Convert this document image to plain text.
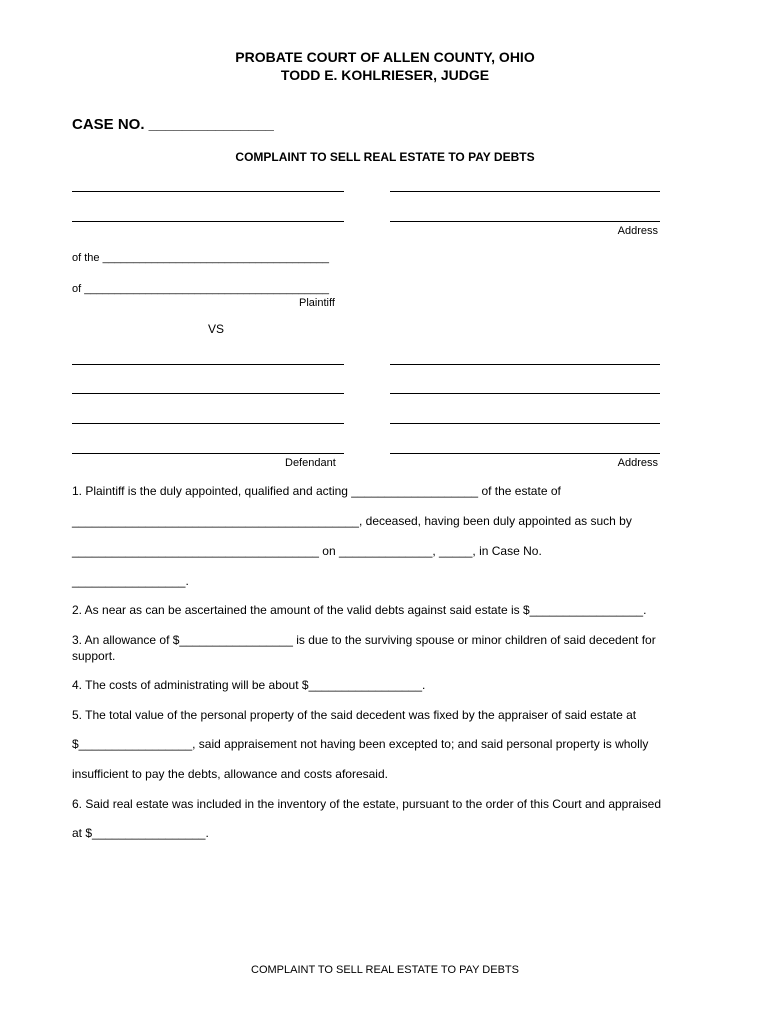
PROBATE COURT OF ALLEN COUNTY, OHIO
TODD E. KOHLRIESER, JUDGE
CASE NO. _______________
COMPLAINT TO SELL REAL ESTATE TO PAY DEBTS
Address
of the _____________________________________
of ________________________________________
Plaintiff
VS
Defendant	Address
1. Plaintiff is the duly appointed, qualified and acting ___________________ of the estate of
___________________________________________, deceased, having been duly appointed as such by
_____________________________________ on ______________, _____, in Case No.
_________________.
2. As near as can be ascertained the amount of the valid debts against said estate is $_________________.
3. An allowance of $_________________ is due to the surviving spouse or minor children of said decedent for support.
4. The costs of administrating will be about $_________________.
5. The total value of the personal property of the said decedent was fixed by the appraiser of said estate at
$_________________, said appraisement not having been excepted to; and said personal property is wholly
insufficient to pay the debts, allowance and costs aforesaid.
6. Said real estate was included in the inventory of the estate, pursuant to the order of this Court and appraised
at $_________________.
COMPLAINT TO SELL REAL ESTATE TO PAY DEBTS
